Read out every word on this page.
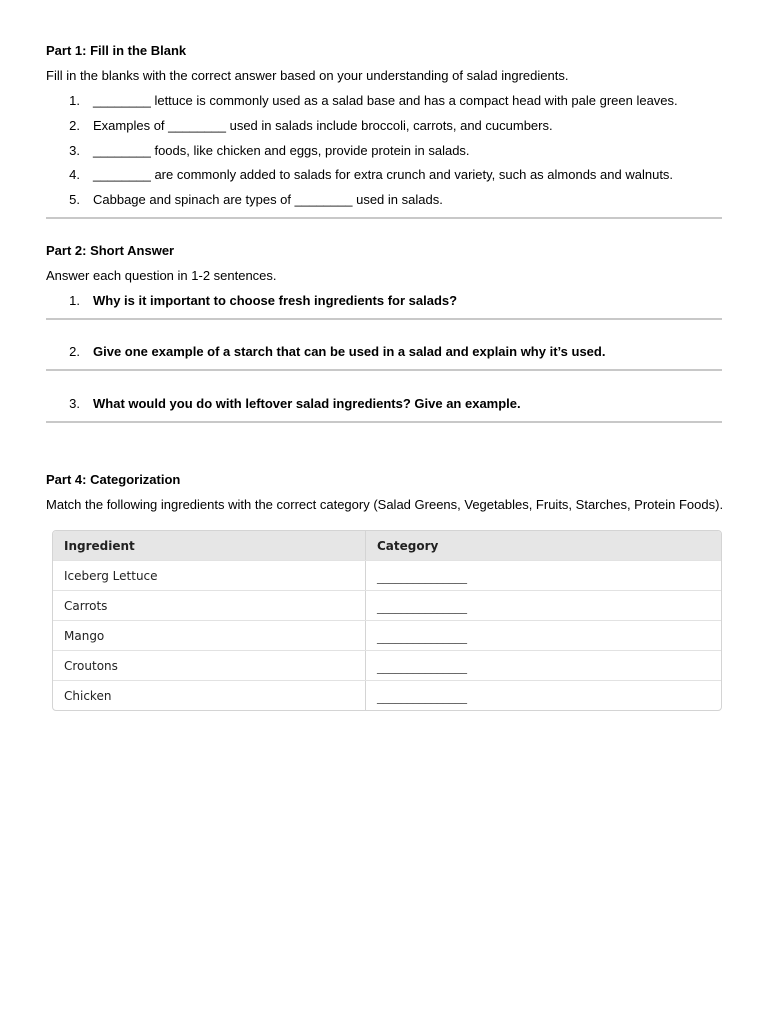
Part 1: Fill in the Blank
Fill in the blanks with the correct answer based on your understanding of salad ingredients.
1. ________ lettuce is commonly used as a salad base and has a compact head with pale green leaves.
2. Examples of ________ used in salads include broccoli, carrots, and cucumbers.
3. ________ foods, like chicken and eggs, provide protein in salads.
4. ________ are commonly added to salads for extra crunch and variety, such as almonds and walnuts.
5. Cabbage and spinach are types of ________ used in salads.
Part 2: Short Answer
Answer each question in 1-2 sentences.
1. Why is it important to choose fresh ingredients for salads?
2. Give one example of a starch that can be used in a salad and explain why it’s used.
3. What would you do with leftover salad ingredients? Give an example.
Part 4: Categorization
Match the following ingredients with the correct category (Salad Greens, Vegetables, Fruits, Starches, Protein Foods).
Ingredient	Category
Iceberg Lettuce	_______________
Carrots	_______________
Mango	_______________
Croutons	_______________
Chicken	_______________
